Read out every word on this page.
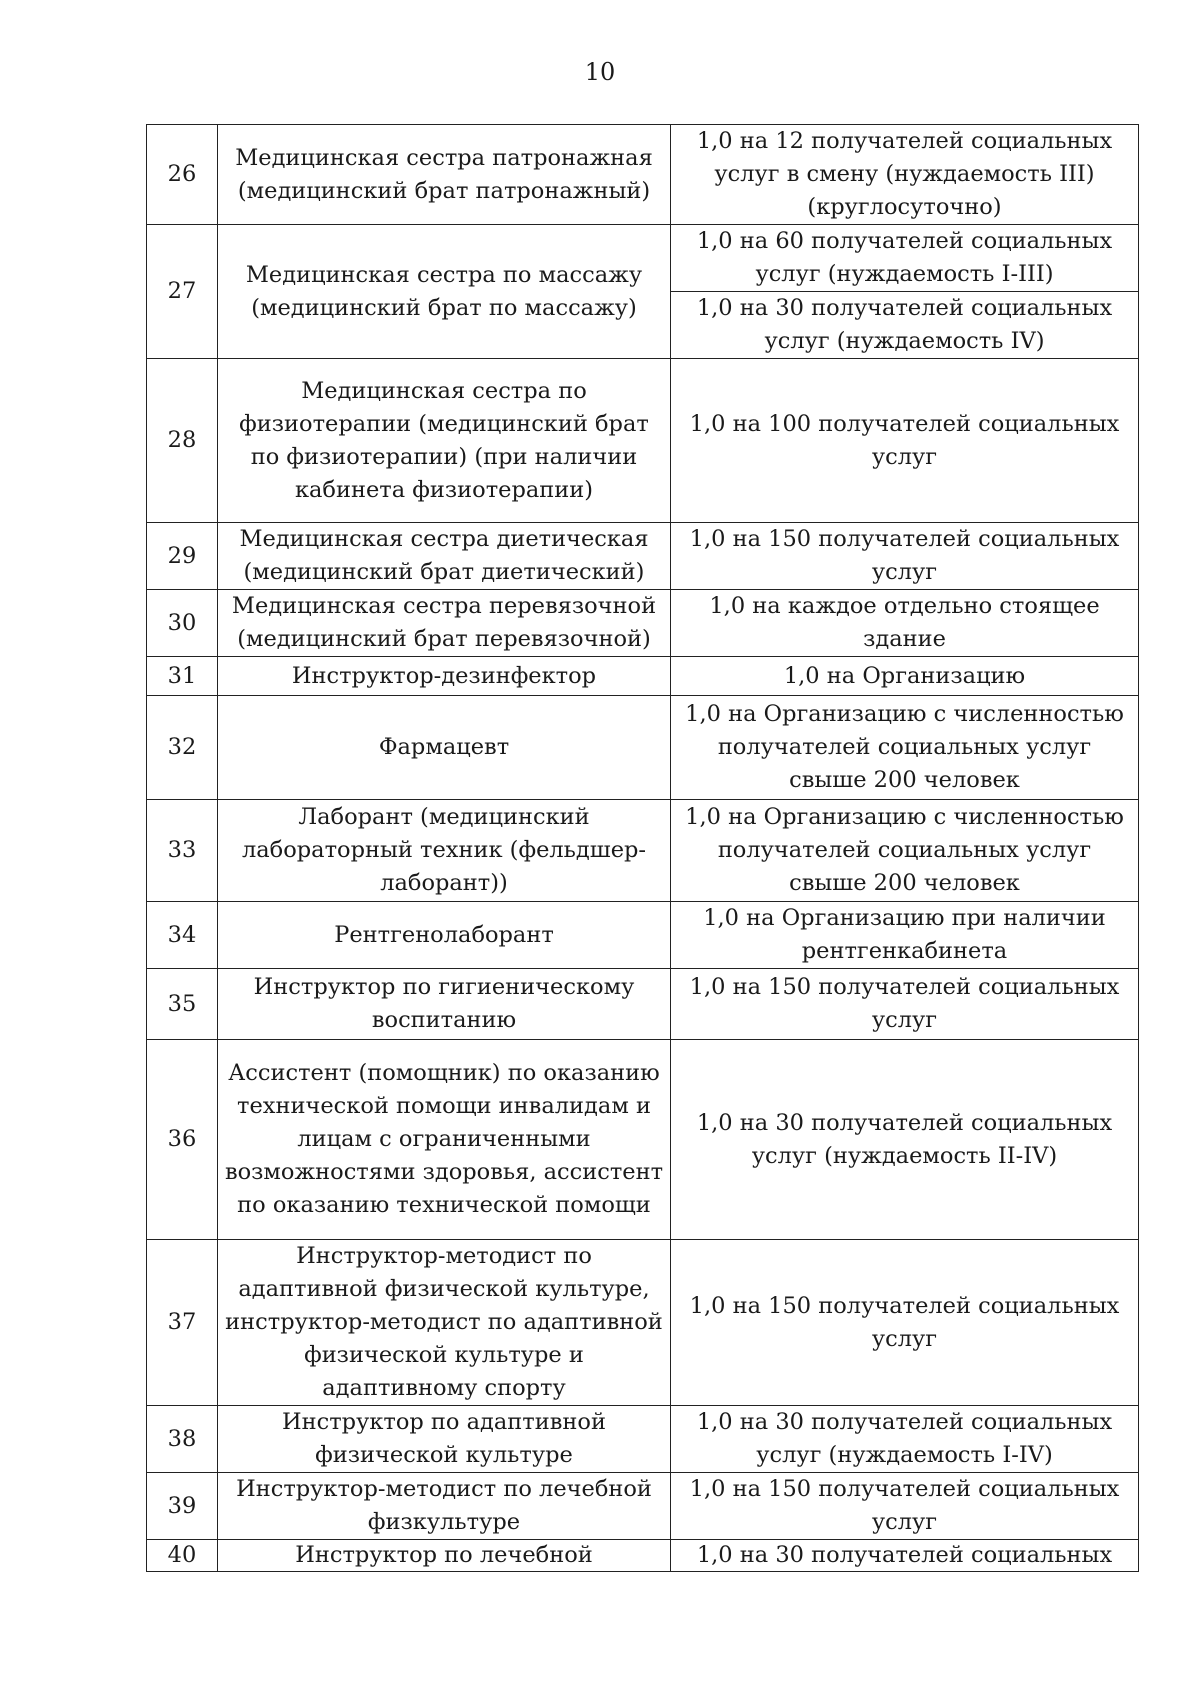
10
26	Медицинская сестра патронажная (медицинский брат патронажный)	1,0 на 12 получателей социальных услуг в смену (нуждаемость III) (круглосуточно)
27	Медицинская сестра по массажу (медицинский брат по массажу)	1,0 на 60 получателей социальных услуг (нуждаемость I-III)
		1,0 на 30 получателей социальных услуг (нуждаемость IV)
28	Медицинская сестра по физиотерапии (медицинский брат по физиотерапии) (при наличии кабинета физиотерапии)	1,0 на 100 получателей социальных услуг
29	Медицинская сестра диетическая (медицинский брат диетический)	1,0 на 150 получателей социальных услуг
30	Медицинская сестра перевязочной (медицинский брат перевязочной)	1,0 на каждое отдельно стоящее здание
31	Инструктор-дезинфектор	1,0 на Организацию
32	Фармацевт	1,0 на Организацию с численностью получателей социальных услуг свыше 200 человек
33	Лаборант (медицинский лабораторный техник (фельдшер-лаборант))	1,0 на Организацию с численностью получателей социальных услуг свыше 200 человек
34	Рентгенолаборант	1,0 на Организацию при наличии рентгенкабинета
35	Инструктор по гигиеническому воспитанию	1,0 на 150 получателей социальных услуг
36	Ассистент (помощник) по оказанию технической помощи инвалидам и лицам с ограниченными возможностями здоровья, ассистент по оказанию технической помощи	1,0 на 30 получателей социальных услуг (нуждаемость II-IV)
37	Инструктор-методист по адаптивной физической культуре, инструктор-методист по адаптивной физической культуре и адаптивному спорту	1,0 на 150 получателей социальных услуг
38	Инструктор по адаптивной физической культуре	1,0 на 30 получателей социальных услуг (нуждаемость I-IV)
39	Инструктор-методист по лечебной физкультуре	1,0 на 150 получателей социальных услуг
40	Инструктор по лечебной	1,0 на 30 получателей социальных
